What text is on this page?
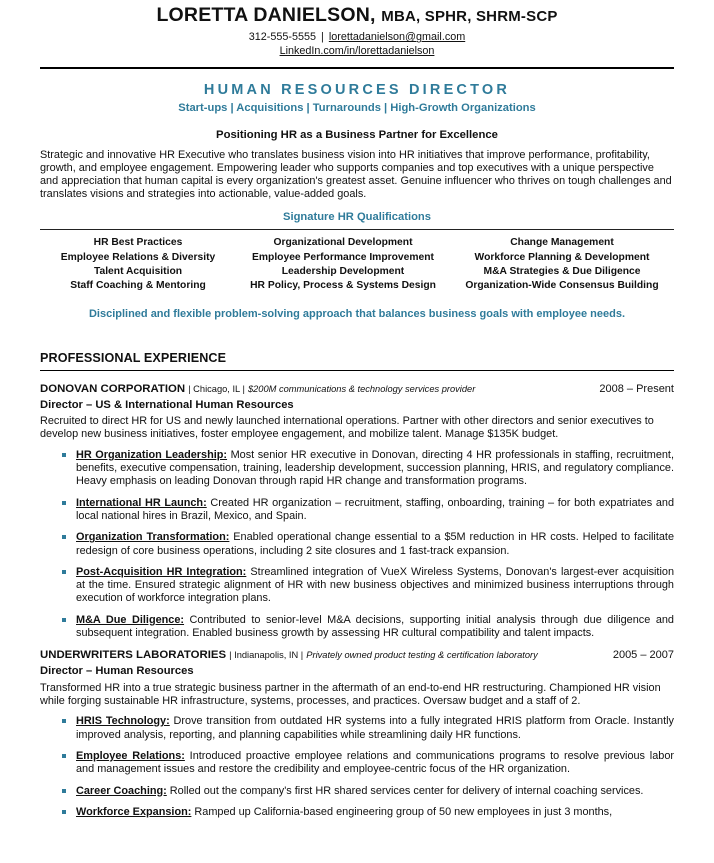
LORETTA DANIELSON, MBA, SPHR, SHRM-SCP
312-555-5555 | lorettadanielson@gmail.com
LinkedIn.com/in/lorettadanielson
HUMAN RESOURCES DIRECTOR
Start-ups | Acquisitions | Turnarounds | High-Growth Organizations
Positioning HR as a Business Partner for Excellence
Strategic and innovative HR Executive who translates business vision into HR initiatives that improve performance, profitability, growth, and employee engagement. Empowering leader who supports companies and top executives with a unique perspective and appreciation that human capital is every organization's greatest asset. Genuine influencer who thrives on tough challenges and translates visions and strategies into actionable, value-added goals.
Signature HR Qualifications
HR Best Practices
Employee Relations & Diversity
Talent Acquisition
Staff Coaching & Mentoring
Organizational Development
Employee Performance Improvement
Leadership Development
HR Policy, Process & Systems Design
Change Management
Workforce Planning & Development
M&A Strategies & Due Diligence
Organization-Wide Consensus Building
Disciplined and flexible problem-solving approach that balances business goals with employee needs.
PROFESSIONAL EXPERIENCE
DONOVAN CORPORATION | Chicago, IL | $200M communications & technology services provider	2008 – Present
Director – US & International Human Resources
Recruited to direct HR for US and newly launched international operations. Partner with other directors and senior executives to develop new business initiatives, foster employee engagement, and mobilize talent. Manage $135K budget.
HR Organization Leadership: Most senior HR executive in Donovan, directing 4 HR professionals in staffing, recruitment, benefits, executive compensation, training, leadership development, succession planning, HRIS, and regulatory compliance. Heavy emphasis on leading Donovan through rapid HR change and transformation programs.
International HR Launch: Created HR organization – recruitment, staffing, onboarding, training – for both expatriates and local national hires in Brazil, Mexico, and Spain.
Organization Transformation: Enabled operational change essential to a $5M reduction in HR costs. Helped to facilitate redesign of core business operations, including 2 site closures and 1 fast-track expansion.
Post-Acquisition HR Integration: Streamlined integration of VueX Wireless Systems, Donovan's largest-ever acquisition at the time. Ensured strategic alignment of HR with new business objectives and minimized business interruptions through execution of workforce integration plans.
M&A Due Diligence: Contributed to senior-level M&A decisions, supporting initial analysis through due diligence and subsequent integration. Enabled business growth by assessing HR cultural compatibility and talent impacts.
UNDERWRITERS LABORATORIES | Indianapolis, IN | Privately owned product testing & certification laboratory	2005 – 2007
Director – Human Resources
Transformed HR into a true strategic business partner in the aftermath of an end-to-end HR restructuring. Championed HR vision while forging sustainable HR infrastructure, systems, processes, and practices. Oversaw budget and a staff of 2.
HRIS Technology: Drove transition from outdated HR systems into a fully integrated HRIS platform from Oracle. Instantly improved analysis, reporting, and planning capabilities while streamlining daily HR functions.
Employee Relations: Introduced proactive employee relations and communications programs to resolve previous labor and management issues and restore the credibility and employee-centric focus of the HR organization.
Career Coaching: Rolled out the company's first HR shared services center for delivery of internal coaching services.
Workforce Expansion: Ramped up California-based engineering group of 50 new employees in just 3 months,
